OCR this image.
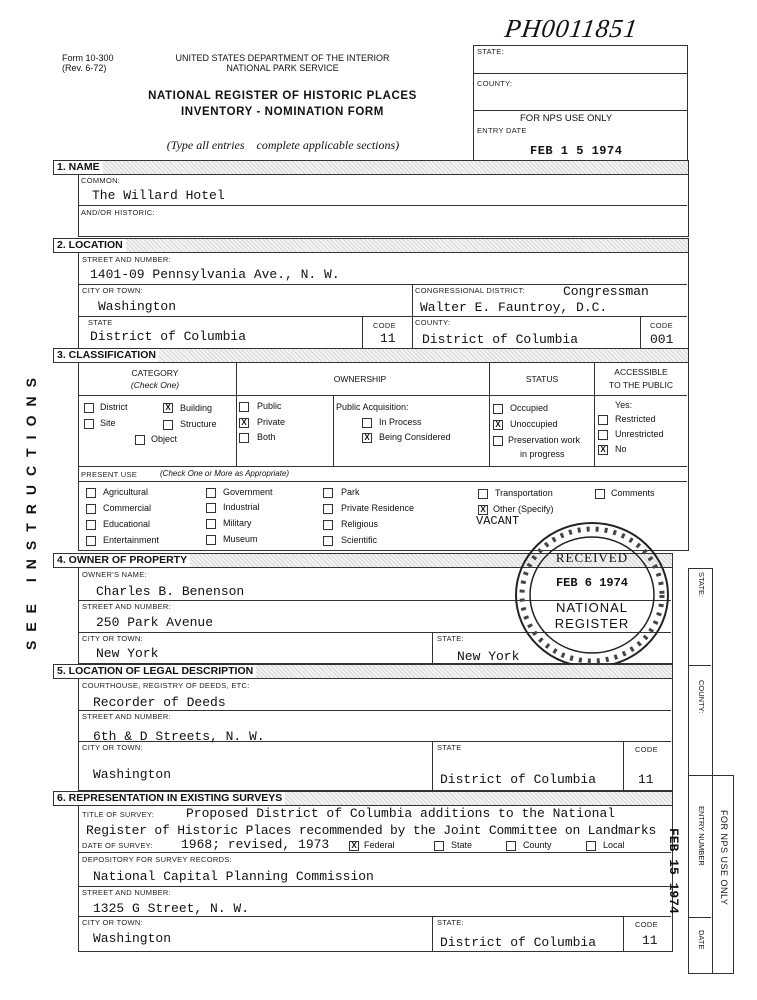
Form 10-300
(Rev. 6-72)
UNITED STATES DEPARTMENT OF THE INTERIOR
NATIONAL PARK SERVICE
NATIONAL REGISTER OF HISTORIC PLACES
INVENTORY - NOMINATION FORM
(Type all entries    complete applicable sections)
PH0011851
STATE:
COUNTY:
FOR NPS USE ONLY
ENTRY DATE
FEB 1 5 1974
SEE INSTRUCTIONS
1. NAME
COMMON:
The Willard Hotel
AND/OR HISTORIC:
2. LOCATION
STREET AND NUMBER:
1401-09 Pennsylvania Ave., N. W.
CITY OR TOWN:
Washington
CONGRESSIONAL DISTRICT:	Congressman
Walter E. Fauntroy, D.C.
STATE
District of Columbia
CODE
11
COUNTY:
District of Columbia
CODE
001
3. CLASSIFICATION
CATEGORY
(Check One)
OWNERSHIP	STATUS
ACCESSIBLE
TO THE PUBLIC
District	X Building
Site	Structure
Object
Public
X Private
Both
Public Acquisition:
In Process
X Being Considered
Occupied
X Unoccupied
Preservation work
in progress
Yes:
Restricted
Unrestricted
X No
PRESENT USE	(Check One or More as Appropriate)
Agricultural	Government	Park	Transportation	Comments
Commercial	Industrial	Private Residence	X Other (Specify)
VACANT
Educational	Military	Religious
Entertainment	Museum	Scientific
4. OWNER OF PROPERTY
OWNER'S NAME:
Charles B. Benenson
STREET AND NUMBER:
250 Park Avenue
CITY OR TOWN:
New York
STATE:
New York
RECEIVED
FEB 6 1974
NATIONAL
REGISTER
5. LOCATION OF LEGAL DESCRIPTION
COURTHOUSE, REGISTRY OF DEEDS, ETC:
Recorder of Deeds
STREET AND NUMBER:
6th & D Streets, N. W.
CITY OR TOWN:
Washington
STATE
District of Columbia
CODE
11
6. REPRESENTATION IN EXISTING SURVEYS
TITLE OF SURVEY: Proposed District of Columbia additions to the National
Register of Historic Places recommended by the Joint Committee on Landmarks
DATE OF SURVEY: 1968; revised, 1973	X Federal	State	County	Local
DEPOSITORY FOR SURVEY RECORDS:
National Capital Planning Commission
STREET AND NUMBER:
1325 G Street, N. W.
CITY OR TOWN:
Washington
STATE:
District of Columbia
CODE
11
STATE:
COUNTY:
ENTRY NUMBER
DATE
FOR NPS USE ONLY
FEB 15 1974
